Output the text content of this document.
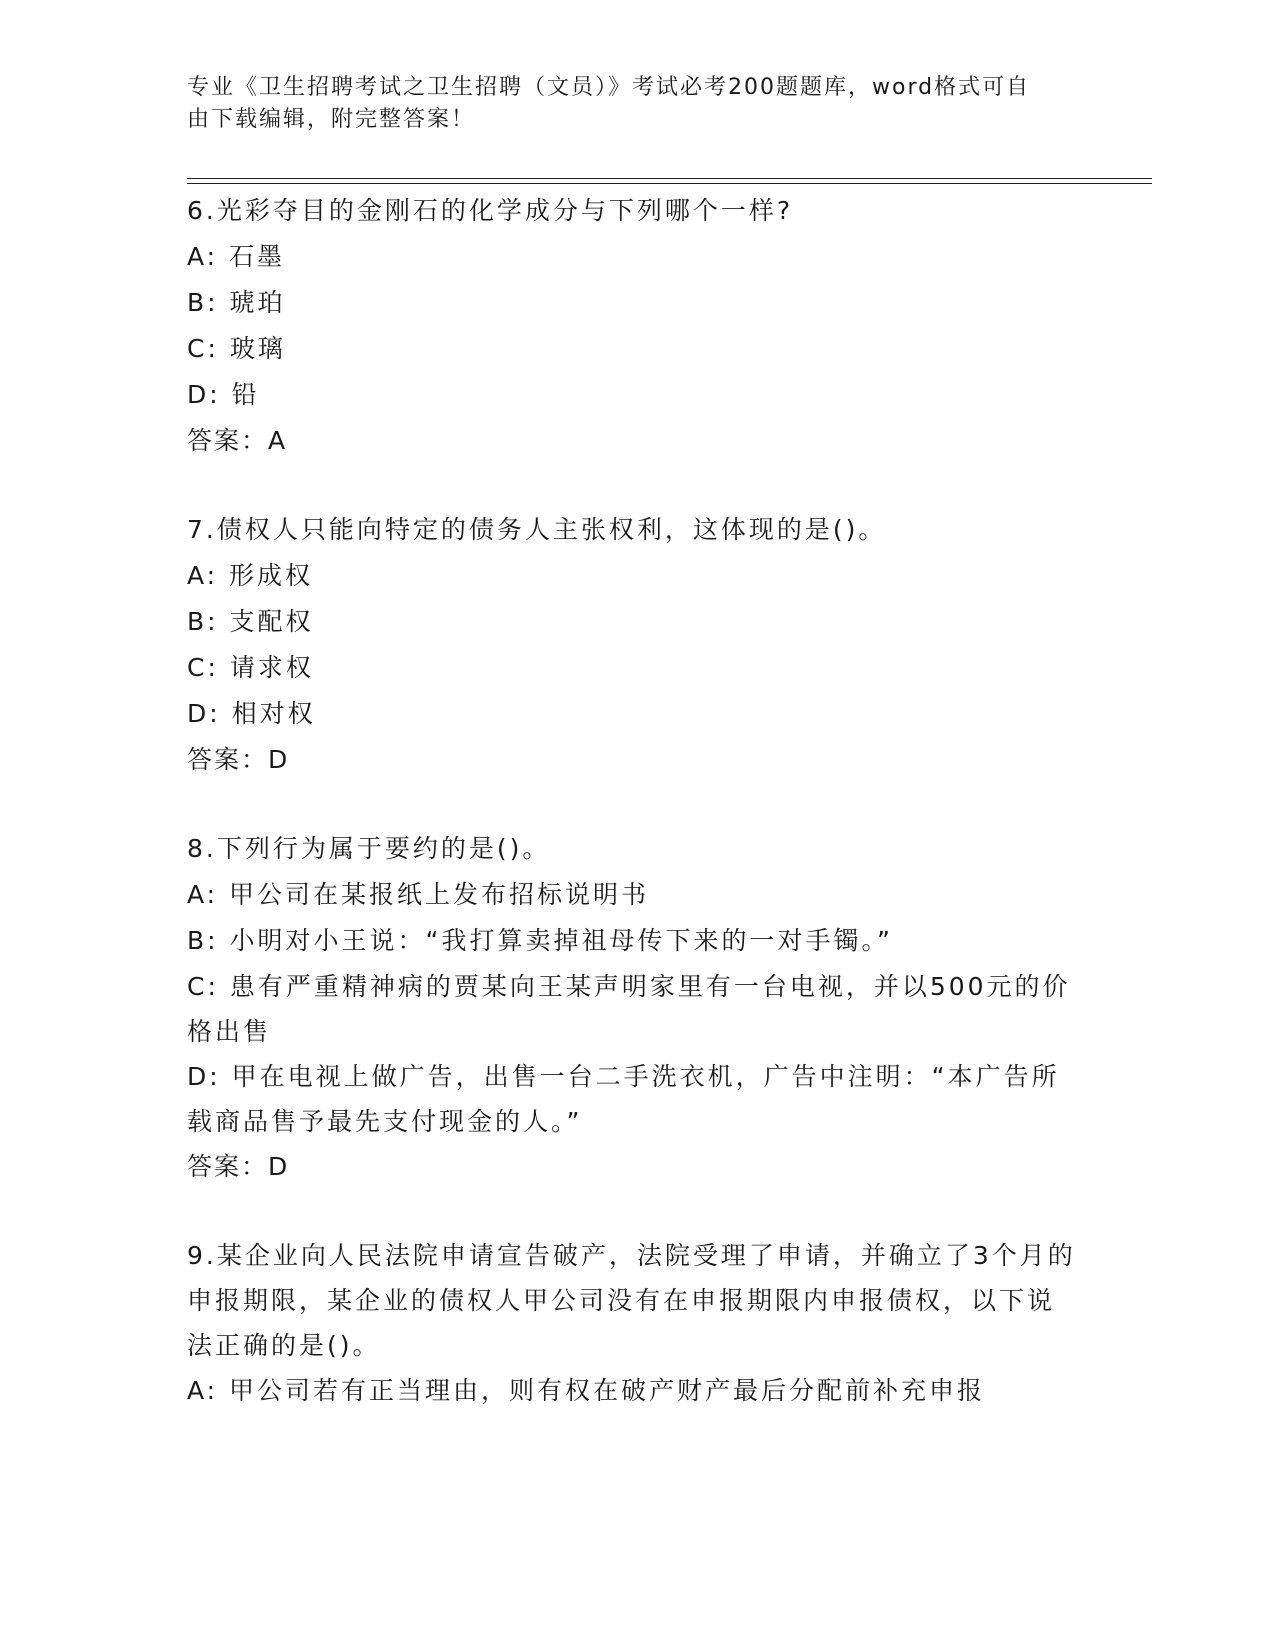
专业《卫生招聘考试之卫生招聘（文员）》考试必考200题题库，word格式可自
由下载编辑，附完整答案！
6.光彩夺目的金刚石的化学成分与下列哪个一样?
A: 石墨
B: 琥珀
C: 玻璃
D: 铅
答案：A
7.债权人只能向特定的债务人主张权利，这体现的是()。
A: 形成权
B: 支配权
C: 请求权
D: 相对权
答案：D
8.下列行为属于要约的是()。
A: 甲公司在某报纸上发布招标说明书
B: 小明对小王说：“我打算卖掉祖母传下来的一对手镯。”
C: 患有严重精神病的贾某向王某声明家里有一台电视，并以500元的价格出售
D: 甲在电视上做广告，出售一台二手洗衣机，广告中注明：“本广告所载商品售予最先支付现金的人。”
答案：D
9.某企业向人民法院申请宣告破产，法院受理了申请，并确立了3个月的申报期限，某企业的债权人甲公司没有在申报期限内申报债权，以下说法正确的是()。
A: 甲公司若有正当理由，则有权在破产财产最后分配前补充申报
